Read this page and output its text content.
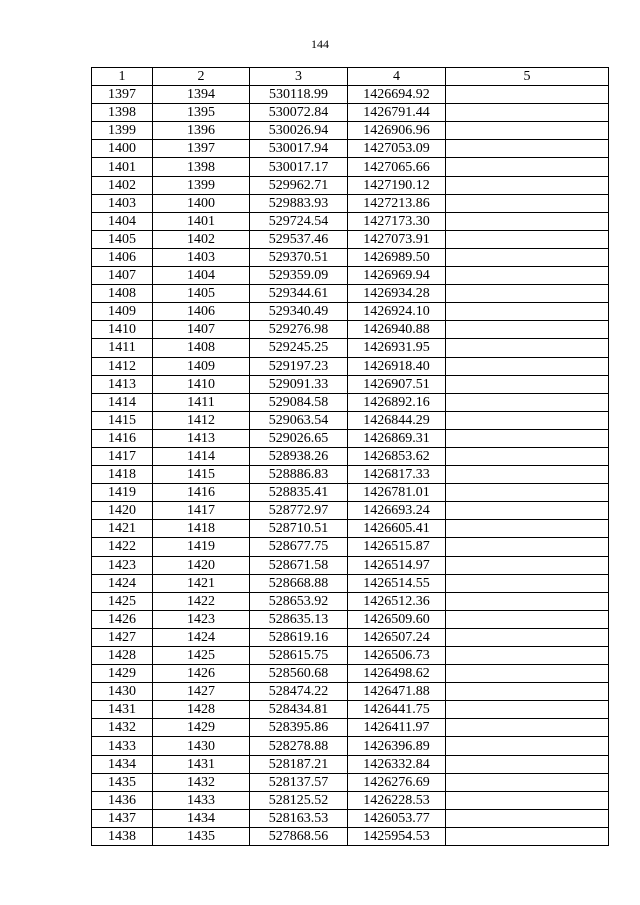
144
1	2	3	4	5
1397	1394	530118.99	1426694.92	
1398	1395	530072.84	1426791.44	
1399	1396	530026.94	1426906.96	
1400	1397	530017.94	1427053.09	
1401	1398	530017.17	1427065.66	
1402	1399	529962.71	1427190.12	
1403	1400	529883.93	1427213.86	
1404	1401	529724.54	1427173.30	
1405	1402	529537.46	1427073.91	
1406	1403	529370.51	1426989.50	
1407	1404	529359.09	1426969.94	
1408	1405	529344.61	1426934.28	
1409	1406	529340.49	1426924.10	
1410	1407	529276.98	1426940.88	
1411	1408	529245.25	1426931.95	
1412	1409	529197.23	1426918.40	
1413	1410	529091.33	1426907.51	
1414	1411	529084.58	1426892.16	
1415	1412	529063.54	1426844.29	
1416	1413	529026.65	1426869.31	
1417	1414	528938.26	1426853.62	
1418	1415	528886.83	1426817.33	
1419	1416	528835.41	1426781.01	
1420	1417	528772.97	1426693.24	
1421	1418	528710.51	1426605.41	
1422	1419	528677.75	1426515.87	
1423	1420	528671.58	1426514.97	
1424	1421	528668.88	1426514.55	
1425	1422	528653.92	1426512.36	
1426	1423	528635.13	1426509.60	
1427	1424	528619.16	1426507.24	
1428	1425	528615.75	1426506.73	
1429	1426	528560.68	1426498.62	
1430	1427	528474.22	1426471.88	
1431	1428	528434.81	1426441.75	
1432	1429	528395.86	1426411.97	
1433	1430	528278.88	1426396.89	
1434	1431	528187.21	1426332.84	
1435	1432	528137.57	1426276.69	
1436	1433	528125.52	1426228.53	
1437	1434	528163.53	1426053.77	
1438	1435	527868.56	1425954.53	
